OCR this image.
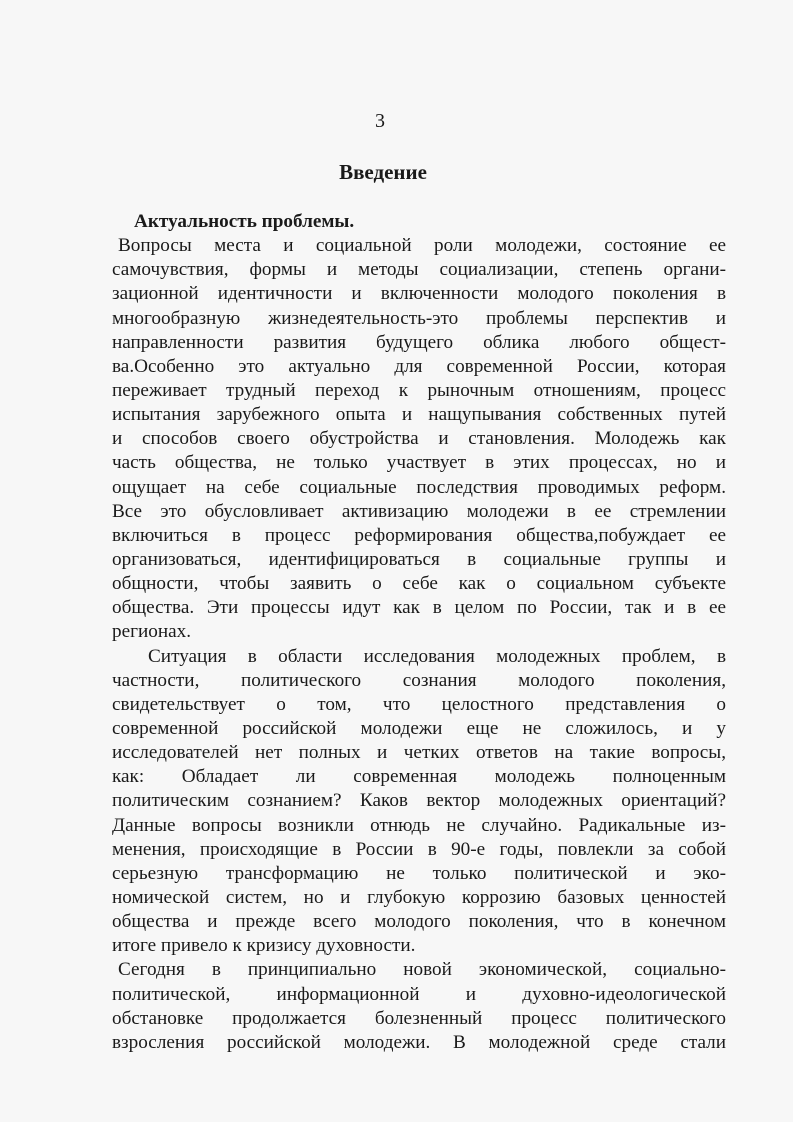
3
Введение
Актуальность проблемы.
Вопросы места и социальной роли молодежи, состояние ее
самочувствия, формы и методы социализации, степень органи-
зационной идентичности и включенности молодого поколения в
многообразную жизнедеятельность-это проблемы перспектив и
направленности развития будущего облика любого общест-
ва.Особенно это актуально для современной России, которая
переживает трудный переход к рыночным отношениям, процесс
испытания зарубежного опыта и нащупывания собственных путей
и способов своего обустройства и становления. Молодежь как
часть общества, не только участвует в этих процессах, но и
ощущает на себе социальные последствия проводимых реформ.
Все это обусловливает активизацию молодежи в ее стремлении
включиться в процесс реформирования общества,побуждает ее
организоваться, идентифицироваться в социальные группы и
общности, чтобы заявить о себе как о социальном субъекте
общества. Эти процессы идут как в целом по России, так и в ее
регионах.
Ситуация в области исследования молодежных проблем, в
частности, политического сознания молодого поколения,
свидетельствует о том, что целостного представления о
современной российской молодежи еще не сложилось, и у
исследователей нет полных и четких ответов на такие вопросы,
как: Обладает ли современная молодежь полноценным
политическим сознанием? Каков вектор молодежных ориентаций?
Данные вопросы возникли отнюдь не случайно. Радикальные из-
менения, происходящие в России в 90-е годы, повлекли за собой
серьезную трансформацию не только политической и эко-
номической систем, но и глубокую коррозию базовых ценностей
общества и прежде всего молодого поколения, что в конечном
итоге привело к кризису духовности.
Сегодня в принципиально новой экономической, социально-
политической, информационной и духовно-идеологической
обстановке продолжается болезненный процесс политического
взросления российской молодежи. В молодежной среде стали
